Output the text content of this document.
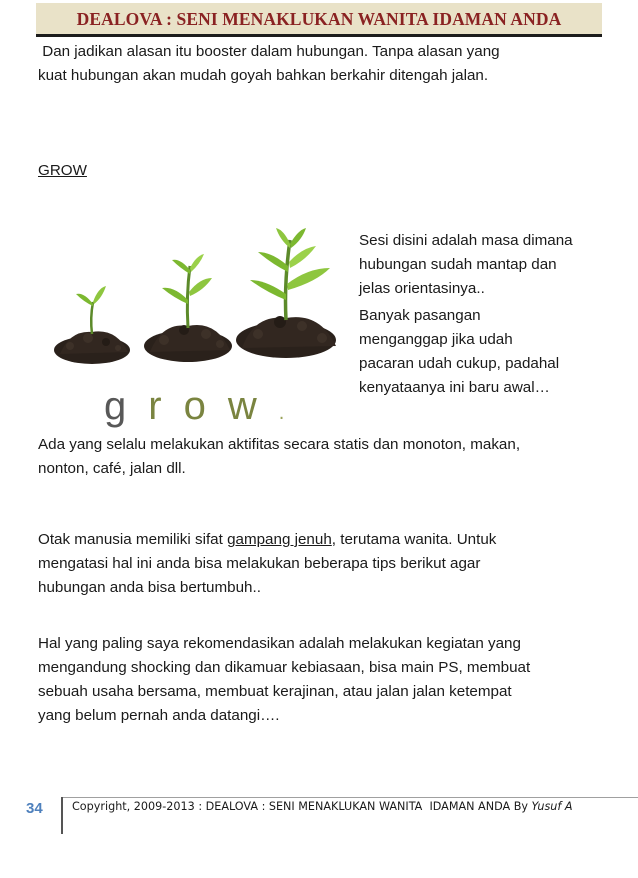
DEALOVA : SENI MENAKLUKAN WANITA IDAMAN ANDA
Dan jadikan alasan itu booster dalam hubungan. Tanpa alasan yang
kuat hubungan akan mudah goyah bahkan berkahir ditengah jalan.
GROW
grow.
Sesi disini adalah masa dimana
hubungan sudah mantap dan
jelas orientasinya..
Banyak pasangan
menganggap jika udah
pacaran udah cukup, padahal
kenyataanya ini baru awal…
Ada yang selalu melakukan aktifitas secara statis dan monoton, makan,
nonton, café, jalan dll.
Otak manusia memiliki sifat gampang jenuh, terutama wanita. Untuk
mengatasi hal ini anda bisa melakukan beberapa tips berikut agar
hubungan anda bisa bertumbuh..
Hal yang paling saya rekomendasikan adalah melakukan kegiatan yang
mengandung shocking dan dikamuar kebiasaan, bisa main PS, membuat
sebuah usaha bersama, membuat kerajinan, atau jalan jalan ketempat
yang belum pernah anda datangi….
34	Copyright, 2009-2013 : DEALOVA : SENI MENAKLUKAN WANITA  IDAMAN ANDA By Yusuf A
